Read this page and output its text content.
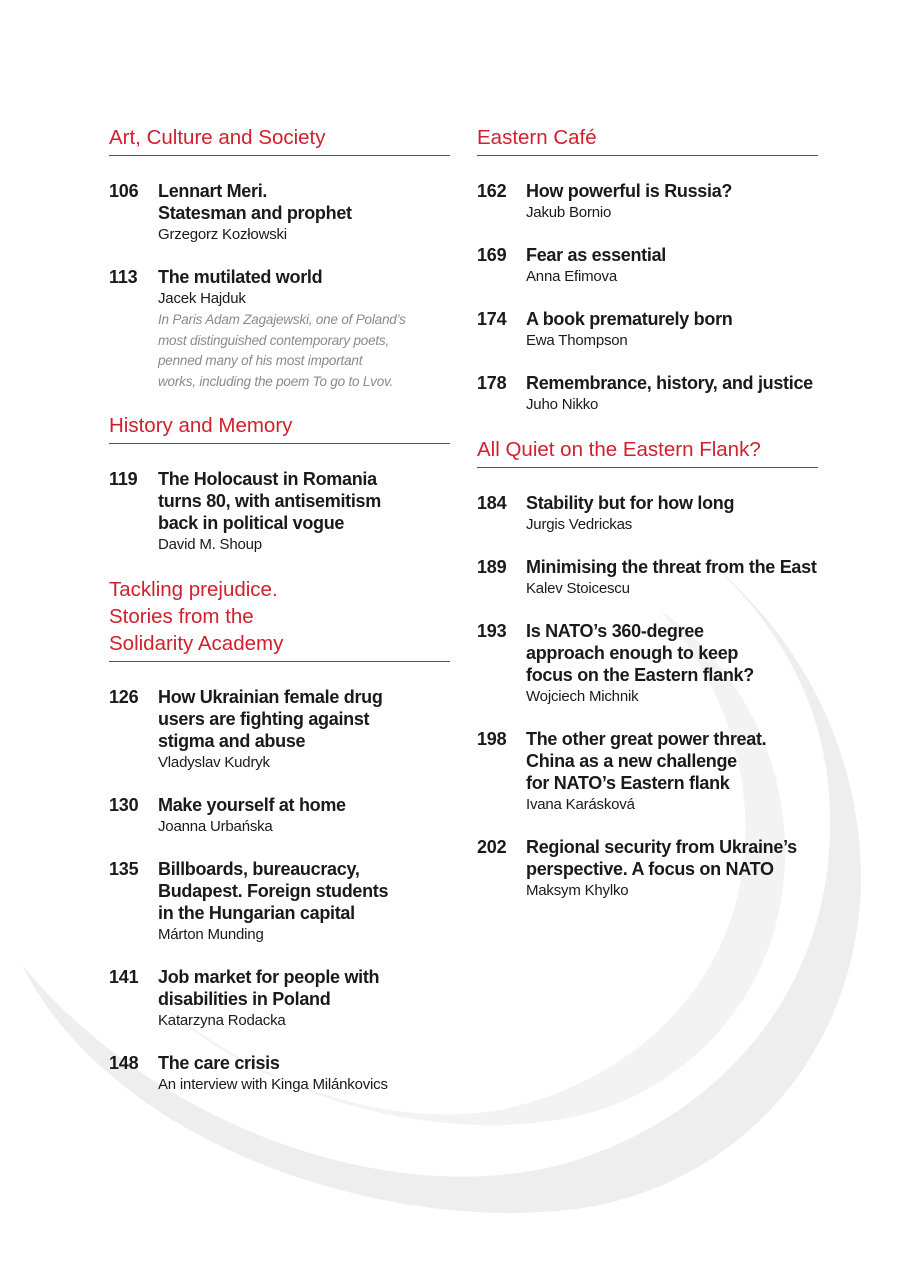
Art, Culture and Society
106	Lennart Meri.
Statesman and prophet
Grzegorz Kozłowski
113	The mutilated world
Jacek Hajduk
In Paris Adam Zagajewski, one of Poland’s
most distinguished contemporary poets,
penned many of his most important
works, including the poem To go to Lvov.
History and Memory
119	The Holocaust in Romania
turns 80, with antisemitism
back in political vogue
David M. Shoup
Tackling prejudice.
Stories from the
Solidarity Academy
126	How Ukrainian female drug
users are fighting against
stigma and abuse
Vladyslav Kudryk
130	Make yourself at home
Joanna Urbańska
135	Billboards, bureaucracy,
Budapest. Foreign students
in the Hungarian capital
Márton Munding
141	Job market for people with
disabilities in Poland
Katarzyna Rodacka
148	The care crisis
An interview with Kinga Milánkovics
Eastern Café
162	How powerful is Russia?
Jakub Bornio
169	Fear as essential
Anna Efimova
174	A book prematurely born
Ewa Thompson
178	Remembrance, history, and justice
Juho Nikko
All Quiet on the Eastern Flank?
184	Stability but for how long
Jurgis Vedrickas
189	Minimising the threat from the East
Kalev Stoicescu
193	Is NATO’s 360-degree
approach enough to keep
focus on the Eastern flank?
Wojciech Michnik
198	The other great power threat.
China as a new challenge
for NATO’s Eastern flank
Ivana Karásková
202	Regional security from Ukraine’s
perspective. A focus on NATO
Maksym Khylko
